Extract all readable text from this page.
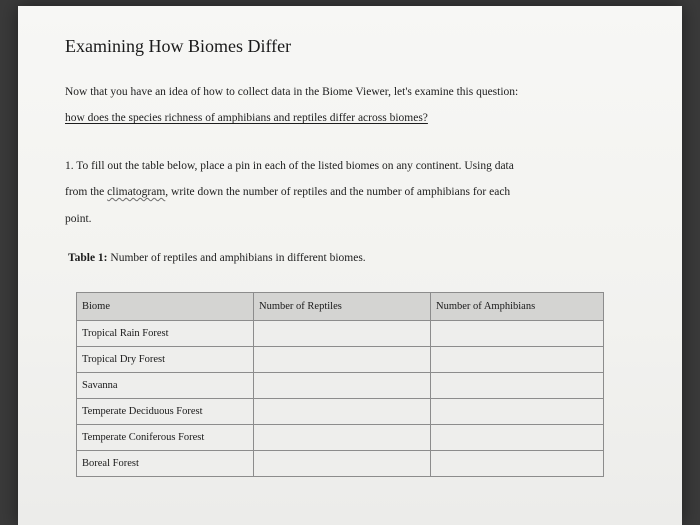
Examining How Biomes Differ
Now that you have an idea of how to collect data in the Biome Viewer, let's examine this question:
how does the species richness of amphibians and reptiles differ across biomes?
1. To fill out the table below, place a pin in each of the listed biomes on any continent. Using data
from the climatogram, write down the number of reptiles and the number of amphibians for each
point.
Table 1: Number of reptiles and amphibians in different biomes.
Biome	Number of Reptiles	Number of Amphibians
Tropical Rain Forest		
Tropical Dry Forest		
Savanna		
Temperate Deciduous Forest		
Temperate Coniferous Forest		
Boreal Forest		
